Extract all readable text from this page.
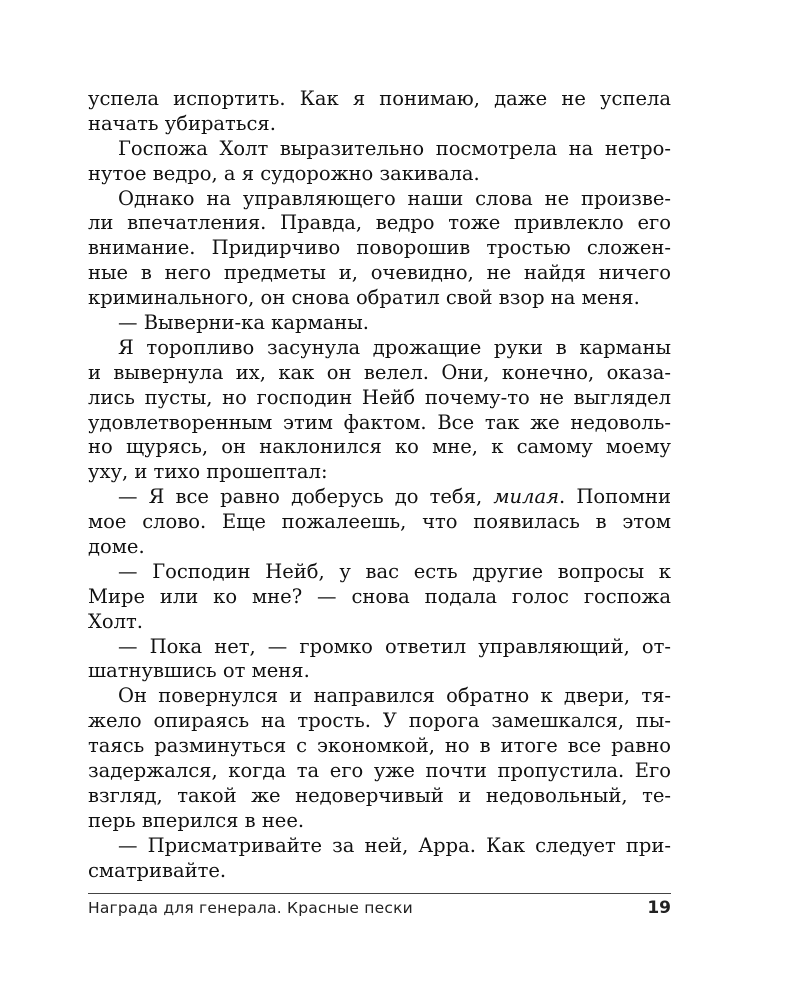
успела испортить. Как я понимаю, даже не успела
начать убираться.
Госпожа Холт выразительно посмотрела на нетро-
нутое ведро, а я судорожно закивала.
Однако на управляющего наши слова не произве-
ли впечатления. Правда, ведро тоже привлекло его
внимание. Придирчиво поворошив тростью сложен-
ные в него предметы и, очевидно, не найдя ничего
криминального, он снова обратил свой взор на меня.
— Выверни-ка карманы.
Я торопливо засунула дрожащие руки в карманы
и вывернула их, как он велел. Они, конечно, оказа-
лись пусты, но господин Нейб почему-то не выглядел
удовлетворенным этим фактом. Все так же недоволь-
но щурясь, он наклонился ко мне, к самому моему
уху, и тихо прошептал:
— Я все равно доберусь до тебя, милая. Попомни
мое слово. Еще пожалеешь, что появилась в этом
доме.
— Господин Нейб, у вас есть другие вопросы к
Мире или ко мне? — снова подала голос госпожа
Холт.
— Пока нет, — громко ответил управляющий, от-
шатнувшись от меня.
Он повернулся и направился обратно к двери, тя-
жело опираясь на трость. У порога замешкался, пы-
таясь разминуться с экономкой, но в итоге все равно
задержался, когда та его уже почти пропустила. Его
взгляд, такой же недоверчивый и недовольный, те-
перь вперился в нее.
— Присматривайте за ней, Арра. Как следует при-
сматривайте.
Награда для генерала. Красные пески	19
